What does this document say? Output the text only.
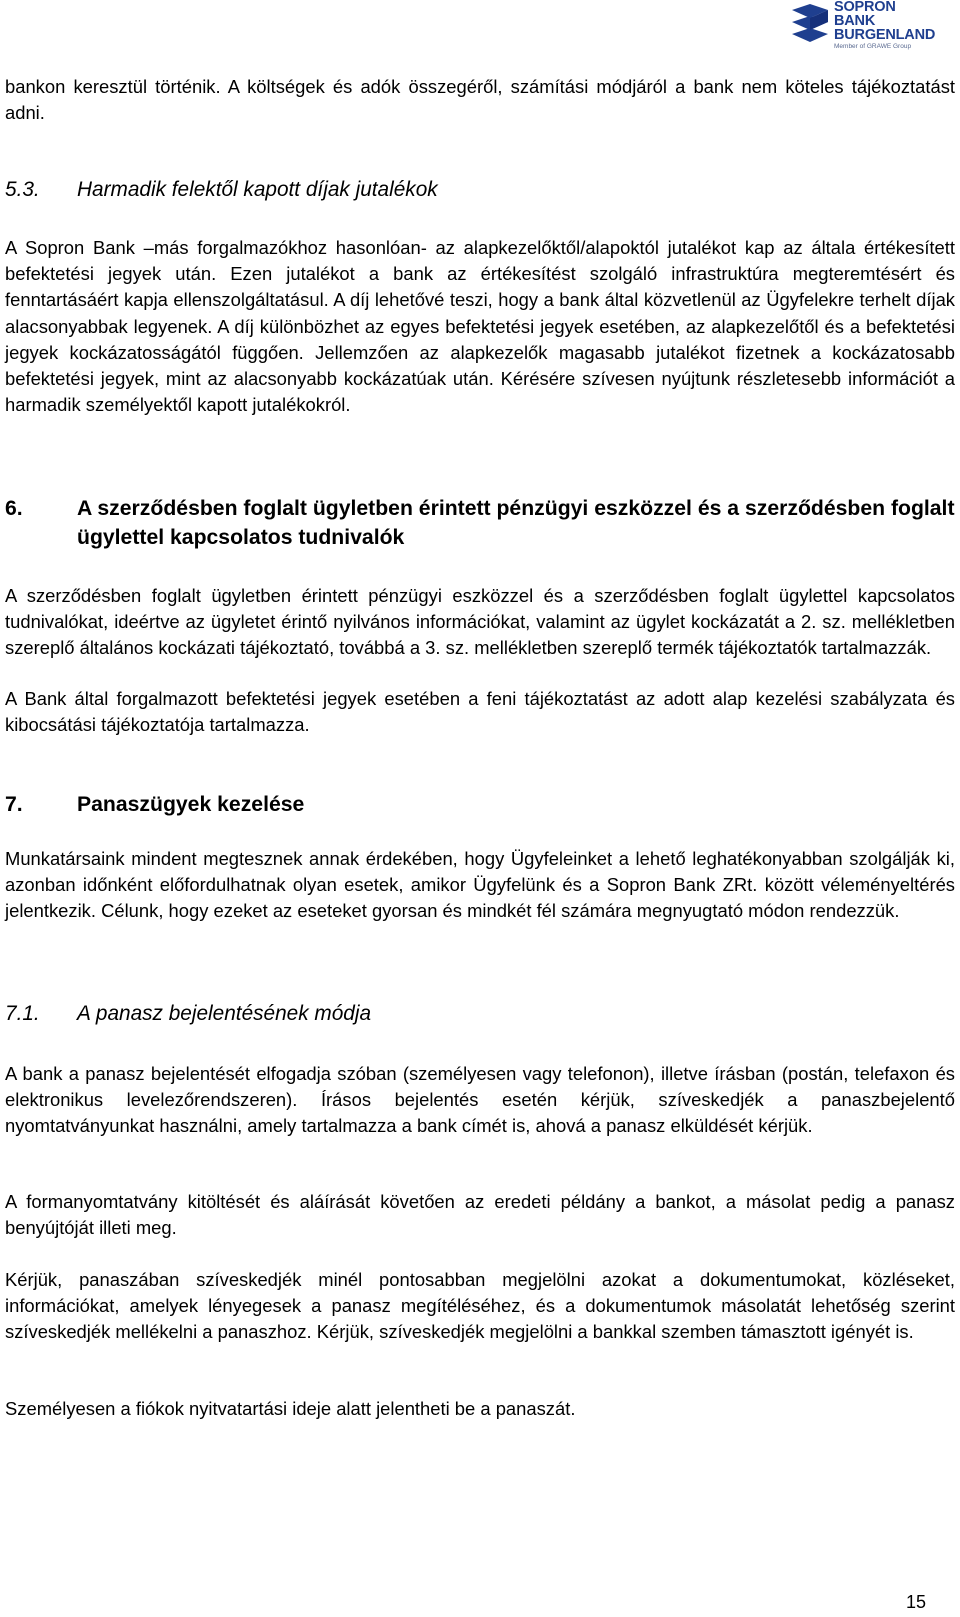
SOPRON
BANK
BURGENLAND
Member of GRAWE Group

bankon keresztül történik. A költségek és adók összegéről, számítási módjáról a bank nem köteles tájékoztatást adni.

5.3.	Harmadik felektől kapott díjak jutalékok

A Sopron Bank –más forgalmazókhoz hasonlóan- az alapkezelőktől/alapoktól jutalékot kap az általa értékesített befektetési jegyek után. Ezen jutalékot a bank az értékesítést szolgáló infrastruktúra megteremtésért és fenntartásáért kapja ellenszolgáltatásul. A díj lehetővé teszi, hogy a bank által közvetlenül az Ügyfelekre terhelt díjak alacsonyabbak legyenek. A díj különbözhet az egyes befektetési jegyek esetében, az alapkezelőtől és a befektetési jegyek kockázatosságától függően. Jellemzően az alapkezelők magasabb jutalékot fizetnek a kockázatosabb befektetési jegyek, mint az alacsonyabb kockázatúak után. Kérésére szívesen nyújtunk részletesebb információt a harmadik személyektől kapott jutalékokról.

6.	A szerződésben foglalt ügyletben érintett pénzügyi eszközzel és a szerződésben foglalt ügylettel kapcsolatos tudnivalók

A szerződésben foglalt ügyletben érintett pénzügyi eszközzel és a szerződésben foglalt ügylettel kapcsolatos tudnivalókat, ideértve az ügyletet érintő nyilvános információkat, valamint az ügylet kockázatát a 2. sz. mellékletben szereplő általános kockázati tájékoztató, továbbá a 3. sz. mellékletben szereplő termék tájékoztatók tartalmazzák.

A Bank által forgalmazott befektetési jegyek esetében a feni tájékoztatást az adott alap kezelési szabályzata és kibocsátási tájékoztatója tartalmazza.

7.	Panaszügyek kezelése

Munkatársaink mindent megtesznek annak érdekében, hogy Ügyfeleinket a lehető leghatékonyabban szolgálják ki, azonban időnként előfordulhatnak olyan esetek, amikor Ügyfelünk és a Sopron Bank ZRt. között véleményeltérés jelentkezik. Célunk, hogy ezeket az eseteket gyorsan és mindkét fél számára megnyugtató módon rendezzük.

7.1.	A panasz bejelentésének módja

A bank a panasz bejelentését elfogadja szóban (személyesen vagy telefonon), illetve írásban (postán, telefaxon és elektronikus levelezőrendszeren). Írásos bejelentés esetén kérjük, szíveskedjék a panaszbejelentő nyomtatványunkat használni, amely tartalmazza a bank címét is, ahová a panasz elküldését kérjük.

A formanyomtatvány kitöltését és aláírását követően az eredeti példány a bankot, a másolat pedig a panasz benyújtóját illeti meg.

Kérjük, panaszában szíveskedjék minél pontosabban megjelölni azokat a dokumentumokat, közléseket, információkat, amelyek lényegesek a panasz megítéléséhez, és a dokumentumok másolatát lehetőség szerint szíveskedjék mellékelni a panaszhoz. Kérjük, szíveskedjék megjelölni a bankkal szemben támasztott igényét is.

Személyesen a fiókok nyitvatartási ideje alatt jelentheti be a panaszát.

15
